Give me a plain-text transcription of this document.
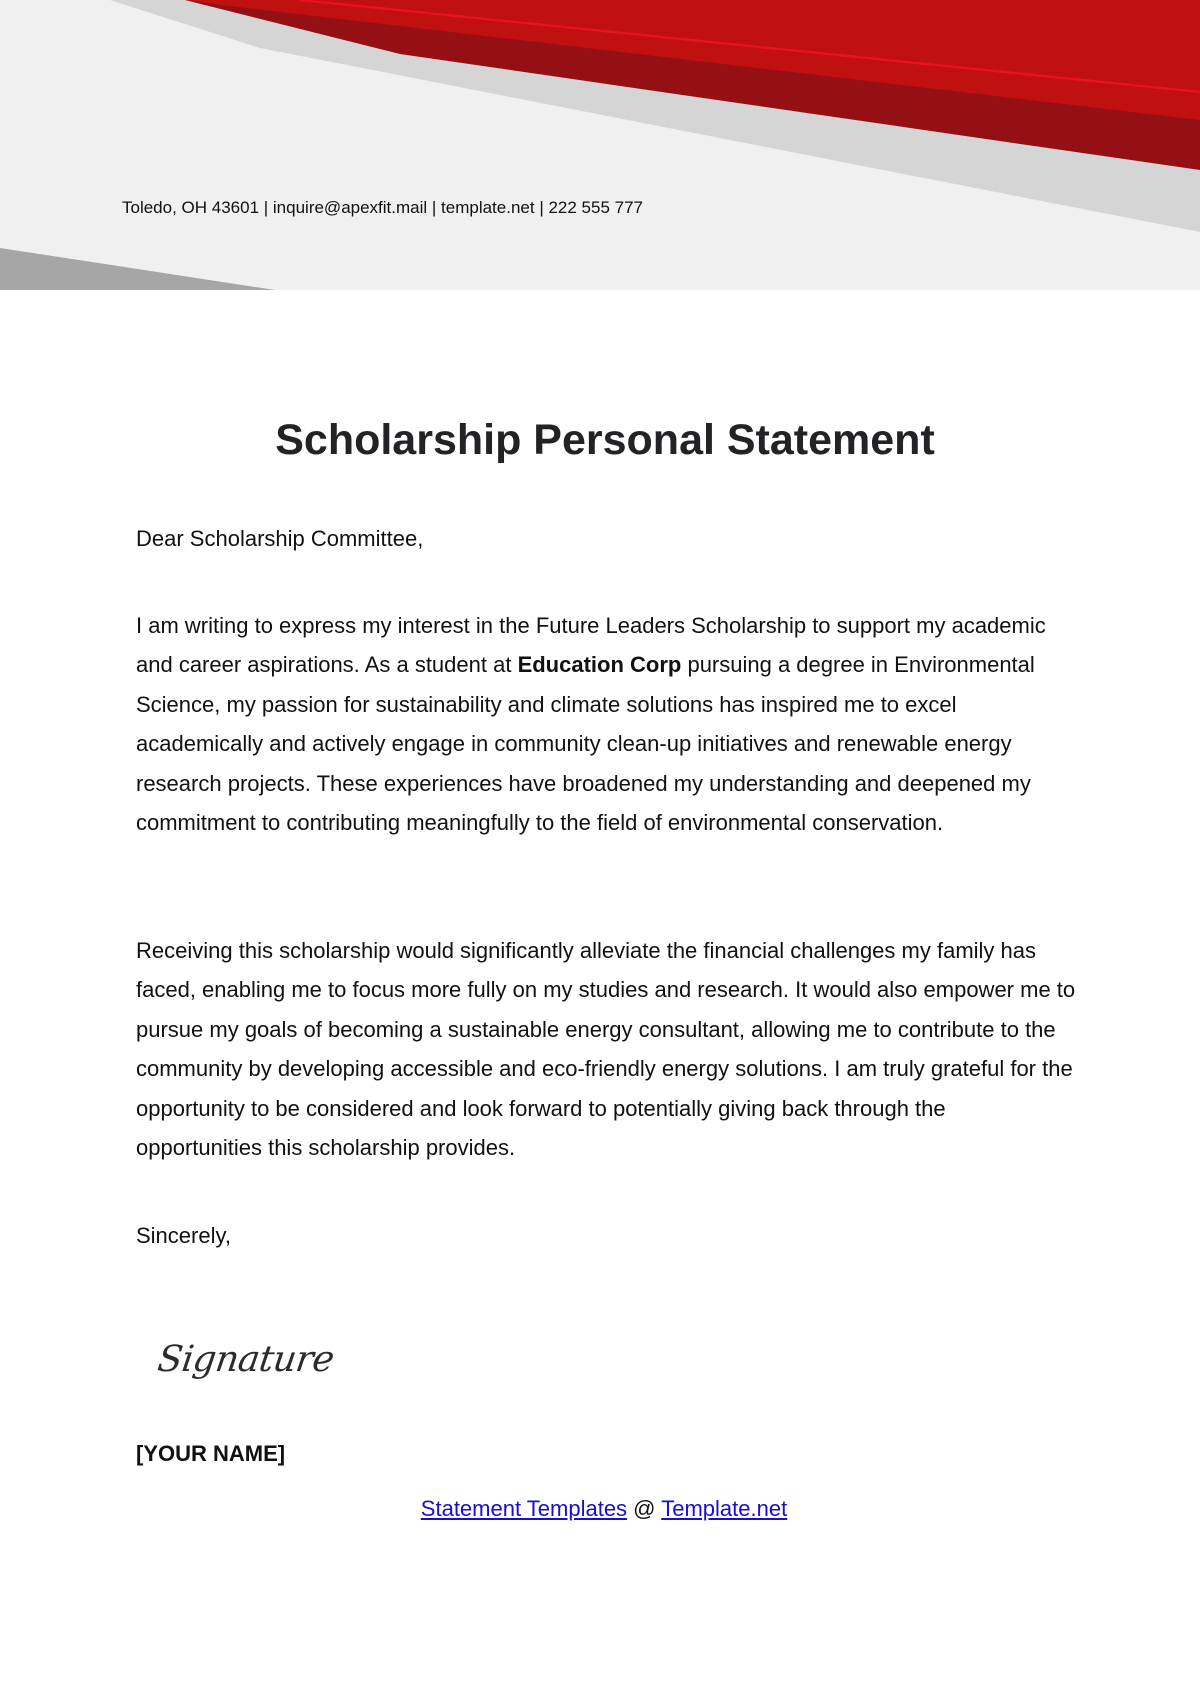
Toledo, OH 43601 | inquire@apexfit.mail | template.net | 222 555 777
Scholarship Personal Statement

Dear Scholarship Committee,

I am writing to express my interest in the Future Leaders Scholarship to support my academic and career aspirations. As a student at Education Corp pursuing a degree in Environmental Science, my passion for sustainability and climate solutions has inspired me to excel academically and actively engage in community clean-up initiatives and renewable energy research projects. These experiences have broadened my understanding and deepened my commitment to contributing meaningfully to the field of environmental conservation.

Receiving this scholarship would significantly alleviate the financial challenges my family has faced, enabling me to focus more fully on my studies and research. It would also empower me to pursue my goals of becoming a sustainable energy consultant, allowing me to contribute to the community by developing accessible and eco-friendly energy solutions. I am truly grateful for the opportunity to be considered and look forward to potentially giving back through the opportunities this scholarship provides.

Sincerely,

Signature
[YOUR NAME]
Statement Templates @ Template.net
